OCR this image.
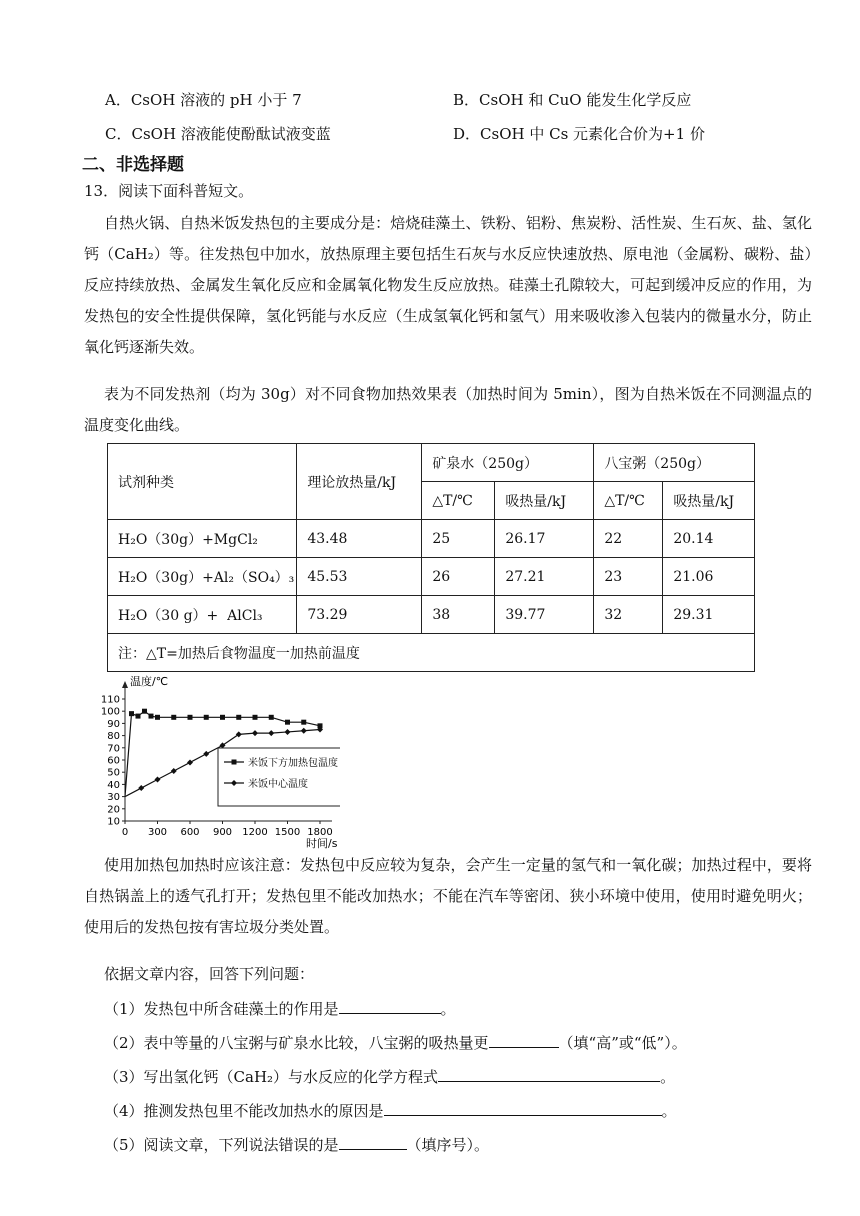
A．CsOH 溶液的 pH 小于 7	B．CsOH 和 CuO 能发生化学反应
C．CsOH 溶液能使酚酞试液变蓝	D．CsOH 中 Cs 元素化合价为+1 价
二、非选择题
13．阅读下面科普短文。
自热火锅、自热米饭发热包的主要成分是：焙烧硅藻土、铁粉、铝粉、焦炭粉、活性炭、生石灰、盐、氢化钙（CaH₂）等。往发热包中加水，放热原理主要包括生石灰与水反应快速放热、原电池（金属粉、碳粉、盐）反应持续放热、金属发生氧化反应和金属氧化物发生反应放热。硅藻土孔隙较大，可起到缓冲反应的作用，为发热包的安全性提供保障，氢化钙能与水反应（生成氢氧化钙和氢气）用来吸收渗入包装内的微量水分，防止氧化钙逐渐失效。
表为不同发热剂（均为 30g）对不同食物加热效果表（加热时间为 5min），图为自热米饭在不同测温点的温度变化曲线。
试剂种类	理论放热量/kJ	矿泉水（250g）		八宝粥（250g）	
		△T/℃	吸热量/kJ	△T/℃	吸热量/kJ
H₂O（30g）+MgCl₂	43.48	25	26.17	22	20.14
H₂O（30g）+Al₂（SO₄）₃	45.53	26	27.21	23	21.06
H₂O（30 g）+  AlCl₃	73.29	38	39.77	32	29.31
注：△T=加热后食物温度一加热前温度					
10
20
30
40
50
60
70
80
90
100
110
0 300 600 900 1200 1500 1800
米饭下方加热包温度
米饭中心温度
温度/℃
时间/s
使用加热包加热时应该注意：发热包中反应较为复杂，会产生一定量的氢气和一氧化碳；加热过程中，要将自热锅盖上的透气孔打开；发热包里不能改加热水；不能在汽车等密闭、狭小环境中使用，使用时避免明火；使用后的发热包按有害垃圾分类处置。
依据文章内容，回答下列问题：
（1）发热包中所含硅藻土的作用是	。
（2）表中等量的八宝粥与矿泉水比较，八宝粥的吸热量更	（填“高”或“低”）。
（3）写出氢化钙（CaH₂）与水反应的化学方程式	。
（4）推测发热包里不能改加热水的原因是	。
（5）阅读文章，下列说法错误的是	（填序号）。
